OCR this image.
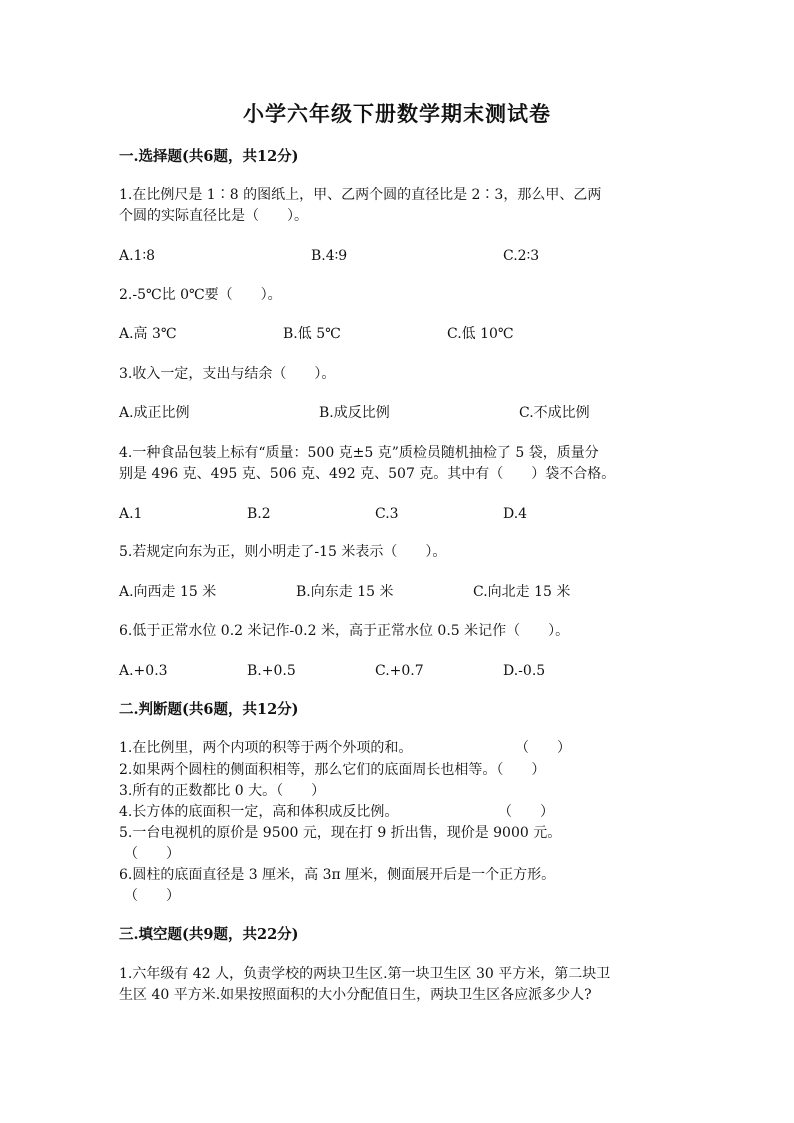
小学六年级下册数学期末测试卷
一.选择题(共6题，共12分)
1.在比例尺是 1∶8 的图纸上，甲、乙两个圆的直径比是 2∶3，那么甲、乙两
个圆的实际直径比是（　　）。
A.1∶8	B.4∶9	C.2∶3
2.-5℃比 0℃要（　　）。
A.高 3℃	B.低 5℃	C.低 10℃
3.收入一定，支出与结余（　　）。
A.成正比例	B.成反比例	C.不成比例
4.一种食品包装上标有“质量：500 克±5 克”质检员随机抽检了 5 袋，质量分
别是 496 克、495 克、506 克、492 克、507 克。其中有（　　）袋不合格。
A.1	B.2	C.3	D.4
5.若规定向东为正，则小明走了-15 米表示（　　）。
A.向西走 15 米	B.向东走 15 米	C.向北走 15 米
6.低于正常水位 0.2 米记作-0.2 米，高于正常水位 0.5 米记作（　　）。
A.+0.3	B.+0.5	C.+0.7	D.-0.5
二.判断题(共6题，共12分)
1.在比例里，两个内项的积等于两个外项的和。	（　　）
2.如果两个圆柱的侧面积相等，那么它们的底面周长也相等。（　　）
3.所有的正数都比 0 大。（　　）
4.长方体的底面积一定，高和体积成反比例。	（　　）
5.一台电视机的原价是 9500 元，现在打 9 折出售，现价是 9000 元。
（　　）
6.圆柱的底面直径是 3 厘米，高 3π 厘米，侧面展开后是一个正方形。
（　　）
三.填空题(共9题，共22分)
1.六年级有 42 人，负责学校的两块卫生区.第一块卫生区 30 平方米，第二块卫
生区 40 平方米.如果按照面积的大小分配值日生，两块卫生区各应派多少人?
